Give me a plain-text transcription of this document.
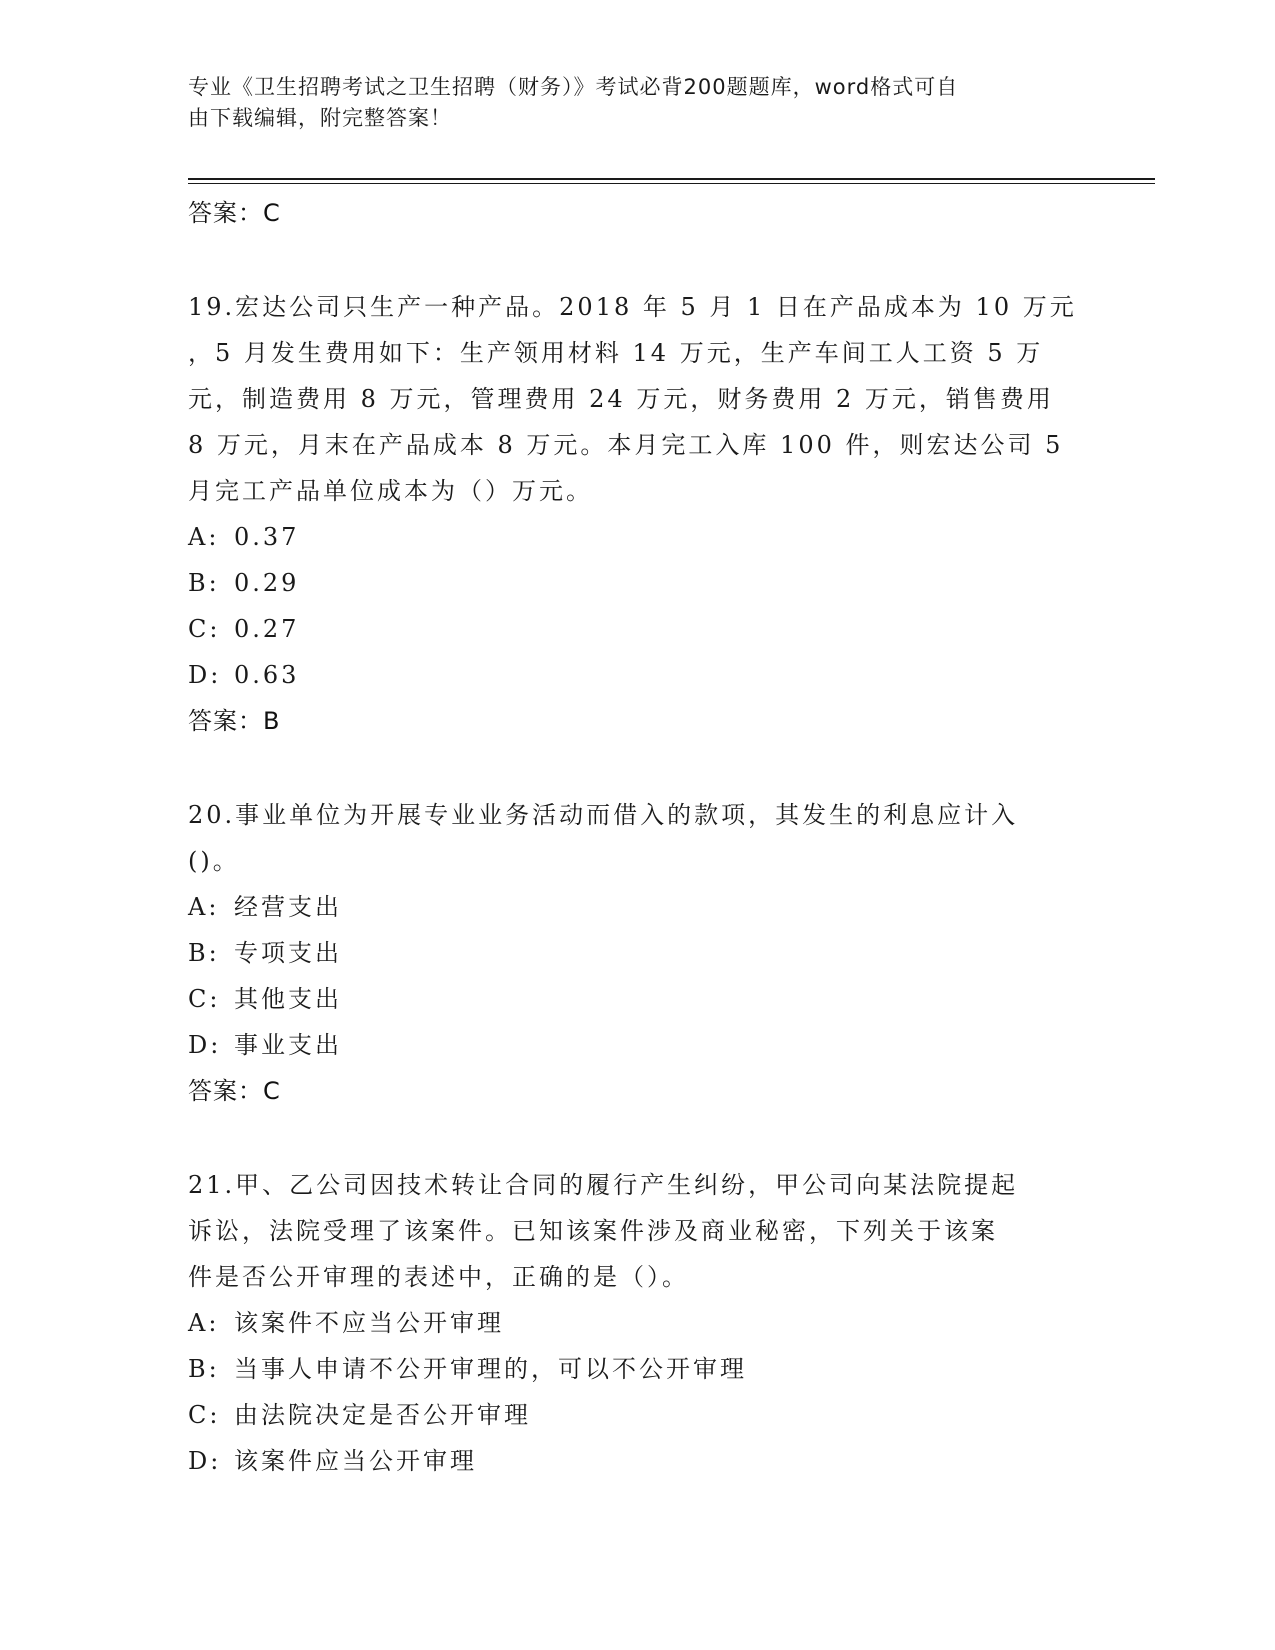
专业《卫生招聘考试之卫生招聘（财务）》考试必背200题题库，word格式可自
由下载编辑，附完整答案！
答案：C
19.宏达公司只生产一种产品。2018 年 5 月 1 日在产品成本为 10 万元
，5 月发生费用如下：生产领用材料 14 万元，生产车间工人工资 5 万
元，制造费用 8 万元，管理费用 24 万元，财务费用 2 万元，销售费用
8 万元，月末在产品成本 8 万元。本月完工入库 100 件，则宏达公司 5
月完工产品单位成本为（）万元。
A: 0.37
B: 0.29
C: 0.27
D: 0.63
答案：B
20.事业单位为开展专业业务活动而借入的款项，其发生的利息应计入
()。
A: 经营支出
B: 专项支出
C: 其他支出
D: 事业支出
答案：C
21.甲、乙公司因技术转让合同的履行产生纠纷，甲公司向某法院提起
诉讼，法院受理了该案件。已知该案件涉及商业秘密，下列关于该案
件是否公开审理的表述中，正确的是（）。
A: 该案件不应当公开审理
B: 当事人申请不公开审理的，可以不公开审理
C: 由法院决定是否公开审理
D: 该案件应当公开审理
